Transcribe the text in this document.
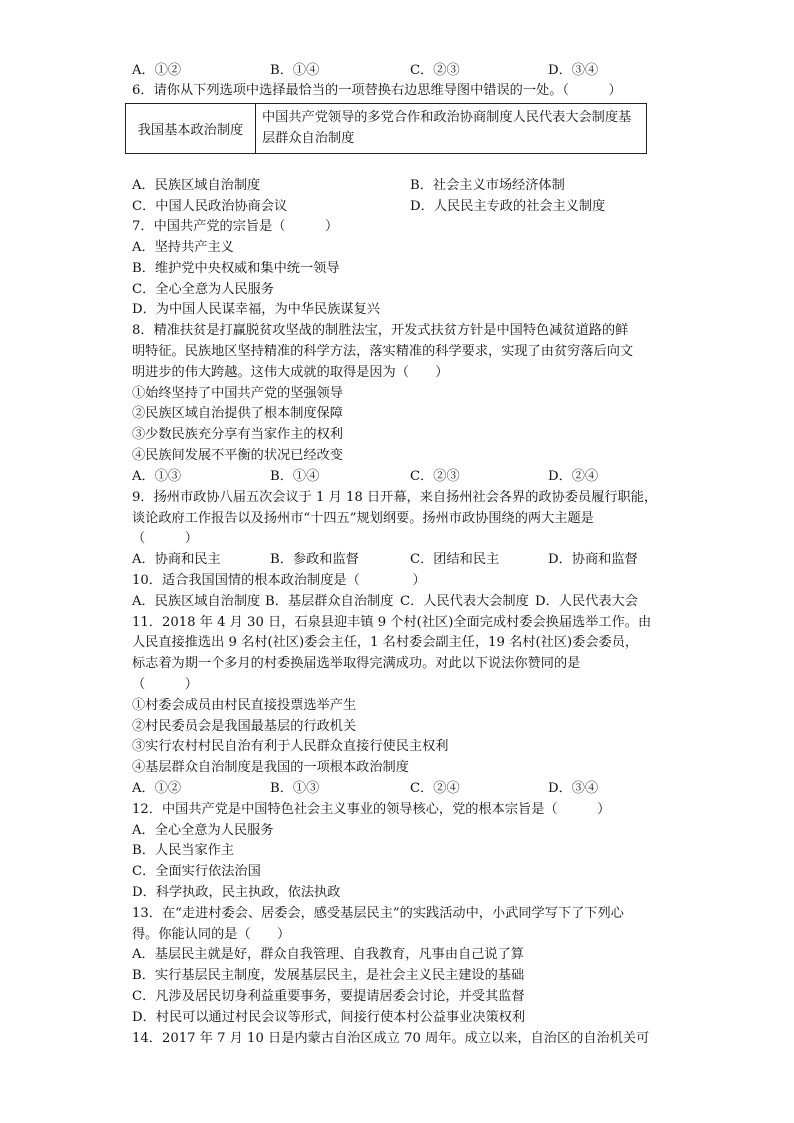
A．①②	B．①④	C．②③	D．③④
6．请你从下列选项中选择最恰当的一项替换右边思维导图中错误的一处。（　　　）
我国基本政治制度
中国共产党领导的多党合作和政治协商制度人民代表大会制度基层群众自治制度
A．民族区域自治制度	B．社会主义市场经济体制
C．中国人民政治协商会议	D．人民民主专政的社会主义制度
7．中国共产党的宗旨是（　　　）
A．坚持共产主义
B．维护党中央权威和集中统一领导
C．全心全意为人民服务
D．为中国人民谋幸福，为中华民族谋复兴
8．精准扶贫是打赢脱贫攻坚战的制胜法宝，开发式扶贫方针是中国特色减贫道路的鲜
明特征。民族地区坚持精准的科学方法，落实精准的科学要求，实现了由贫穷落后向文
明进步的伟大跨越。这伟大成就的取得是因为（　　）
①始终坚持了中国共产党的坚强领导
②民族区域自治提供了根本制度保障
③少数民族充分享有当家作主的权利
④民族间发展不平衡的状况已经改变
A．①③	B．①④	C．②③	D．②④
9．扬州市政协八届五次会议于 1 月 18 日开幕，来自扬州社会各界的政协委员履行职能，
谈论政府工作报告以及扬州市“十四五”规划纲要。扬州市政协围绕的两大主题是
（　　　）
A．协商和民主	B．参政和监督	C．团结和民主	D．协商和监督
10．适合我国国情的根本政治制度是（　　　　）
A．民族区域自治制度 B．基层群众自治制度 C．人民代表大会制度 D．人民代表大会
11．2018 年 4 月 30 日，石泉县迎丰镇 9 个村(社区)全面完成村委会换届选举工作。由
人民直接推选出 9 名村(社区)委会主任，1 名村委会副主任，19 名村(社区)委会委员，
标志着为期一个多月的村委换届选举取得完满成功。对此以下说法你赞同的是
（　　　）
①村委会成员由村民直接投票选举产生
②村民委员会是我国最基层的行政机关
③实行农村村民自治有利于人民群众直接行使民主权利
④基层群众自治制度是我国的一项根本政治制度
A．①②	B．①③	C．②④	D．③④
12．中国共产党是中国特色社会主义事业的领导核心，党的根本宗旨是（　　　）
A．全心全意为人民服务
B．人民当家作主
C．全面实行依法治国
D．科学执政，民主执政，依法执政
13．在“走进村委会、居委会，感受基层民主”的实践活动中，小武同学写下了下列心
得。你能认同的是（　　）
A．基层民主就是好，群众自我管理、自我教育，凡事由自己说了算
B．实行基层民主制度，发展基层民主，是社会主义民主建设的基础
C．凡涉及居民切身利益重要事务，要提请居委会讨论，并受其监督
D．村民可以通过村民会议等形式，间接行使本村公益事业决策权利
14．2017 年 7 月 10 日是内蒙古自治区成立 70 周年。成立以来，自治区的自治机关可
